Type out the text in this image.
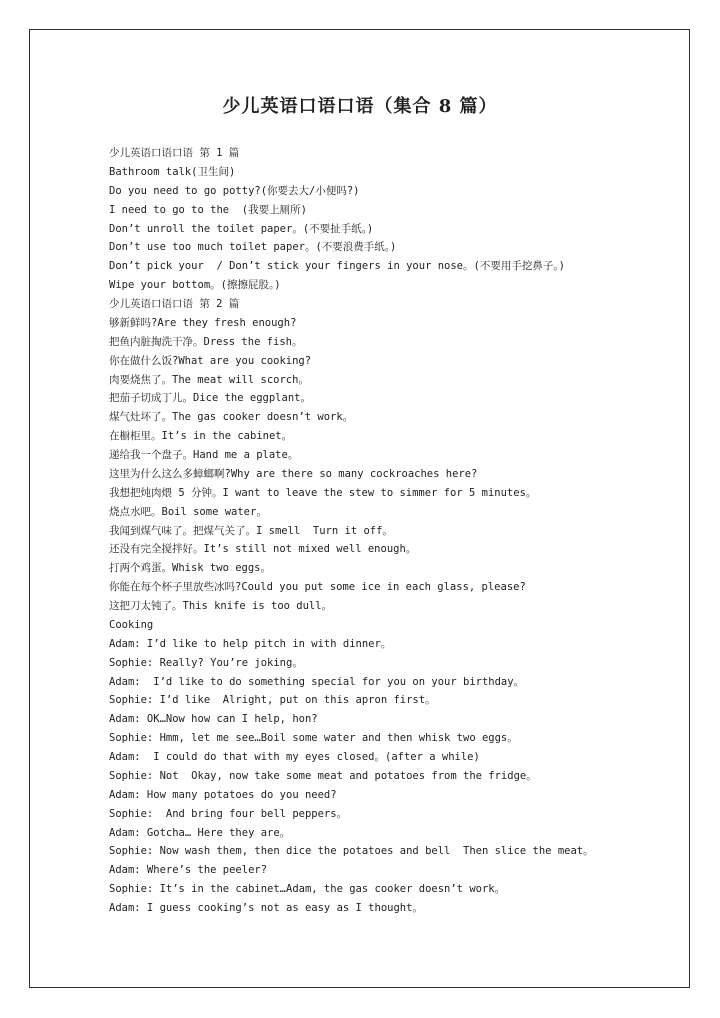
少儿英语口语口语（集合 8 篇）
少儿英语口语口语 第 1 篇
Bathroom talk(卫生间)
Do you need to go potty?(你要去大/小便吗?)
I need to go to the  (我要上厕所)
Don’t unroll the toilet paper。(不要扯手纸。)
Don’t use too much toilet paper。(不要浪费手纸。)
Don’t pick your  / Don’t stick your fingers in your nose。(不要用手挖鼻子。)
Wipe your bottom。(擦擦屁股。)
少儿英语口语口语 第 2 篇
够新鲜吗?Are they fresh enough?
把鱼内脏掏洗干净。Dress the fish。
你在做什么饭?What are you cooking?
肉要烧焦了。The meat will scorch。
把茄子切成丁儿。Dice the eggplant。
煤气灶坏了。The gas cooker doesn’t work。
在橱柜里。It’s in the cabinet。
递给我一个盘子。Hand me a plate。
这里为什么这么多蟑螂啊?Why are there so many cockroaches here?
我想把炖肉煨 5 分钟。I want to leave the stew to simmer for 5 minutes。
烧点水吧。Boil some water。
我闻到煤气味了。把煤气关了。I smell  Turn it off。
还没有完全搅拌好。It’s still not mixed well enough。
打两个鸡蛋。Whisk two eggs。
你能在每个杯子里放些冰吗?Could you put some ice in each glass, please?
这把刀太钝了。This knife is too dull。
Cooking
Adam: I’d like to help pitch in with dinner。
Sophie: Really? You’re joking。
Adam:  I’d like to do something special for you on your birthday。
Sophie: I’d like  Alright, put on this apron first。
Adam: OK…Now how can I help, hon?
Sophie: Hmm, let me see…Boil some water and then whisk two eggs。
Adam:  I could do that with my eyes closed。(after a while)
Sophie: Not  Okay, now take some meat and potatoes from the fridge。
Adam: How many potatoes do you need?
Sophie:  And bring four bell peppers。
Adam: Gotcha… Here they are。
Sophie: Now wash them, then dice the potatoes and bell  Then slice the meat。
Adam: Where’s the peeler?
Sophie: It’s in the cabinet…Adam, the gas cooker doesn’t work。
Adam: I guess cooking’s not as easy as I thought。
